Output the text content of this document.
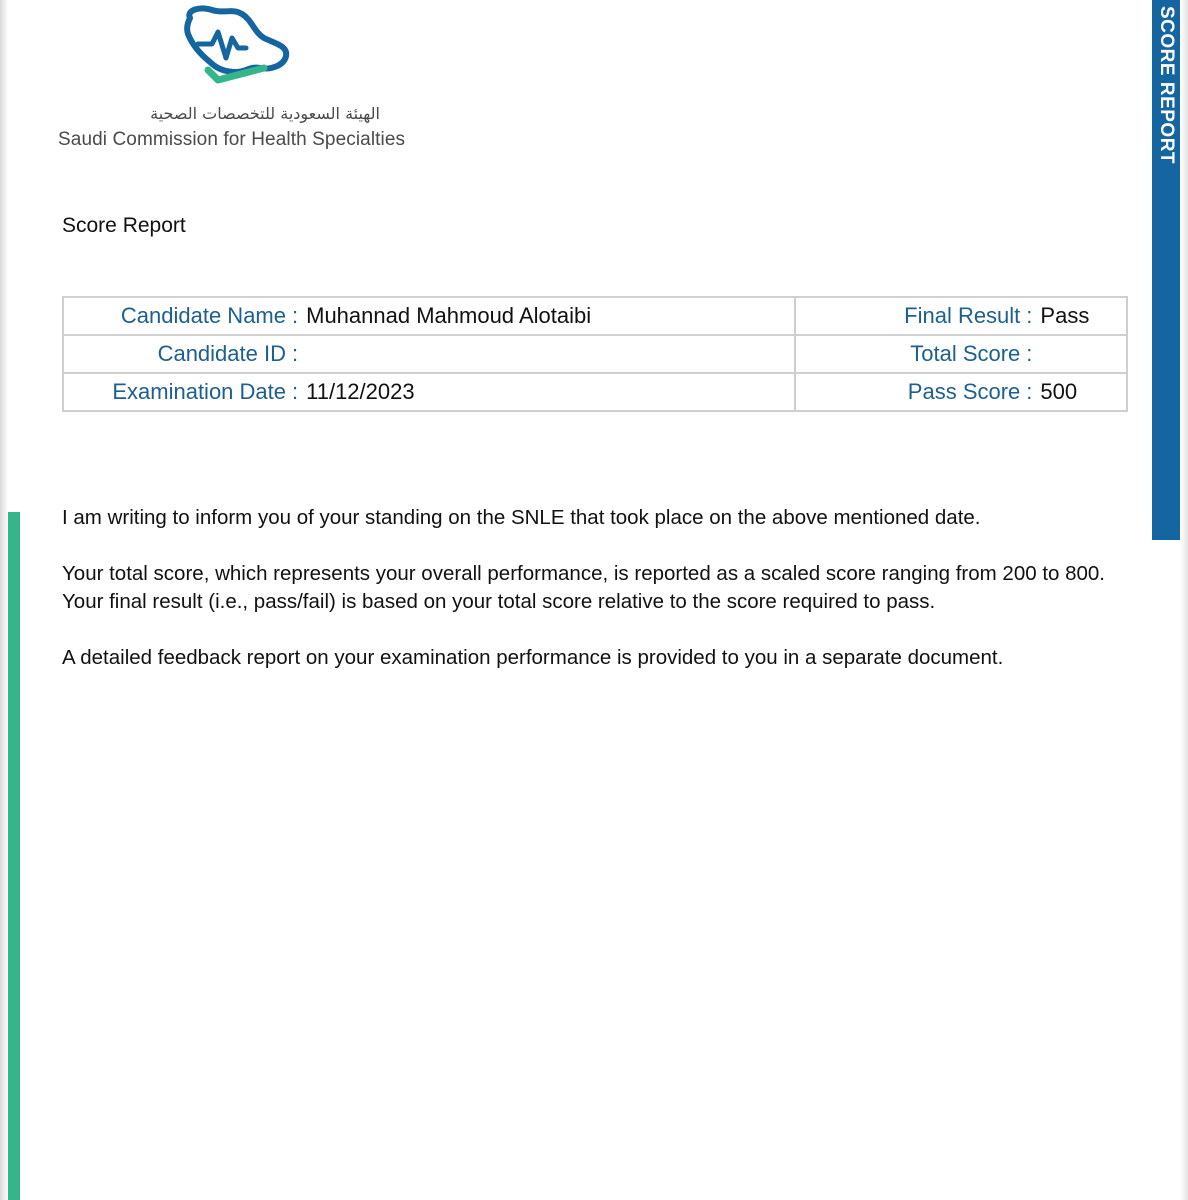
SCORE REPORT
الهيئة السعودية للتخصصات الصحية
Saudi Commission for Health Specialties
Score Report
Candidate Name : Muhannad Mahmoud Alotaibi	Final Result : Pass

Candidate ID :	Total Score :

Examination Date : 11/12/2023	Pass Score : 500
I am writing to inform you of your standing on the SNLE that took place on the above mentioned date.
Your total score, which represents your overall performance, is reported as a scaled score ranging from 200 to 800. Your final result (i.e., pass/fail) is based on your total score relative to the score required to pass.
A detailed feedback report on your examination performance is provided to you in a separate document.
